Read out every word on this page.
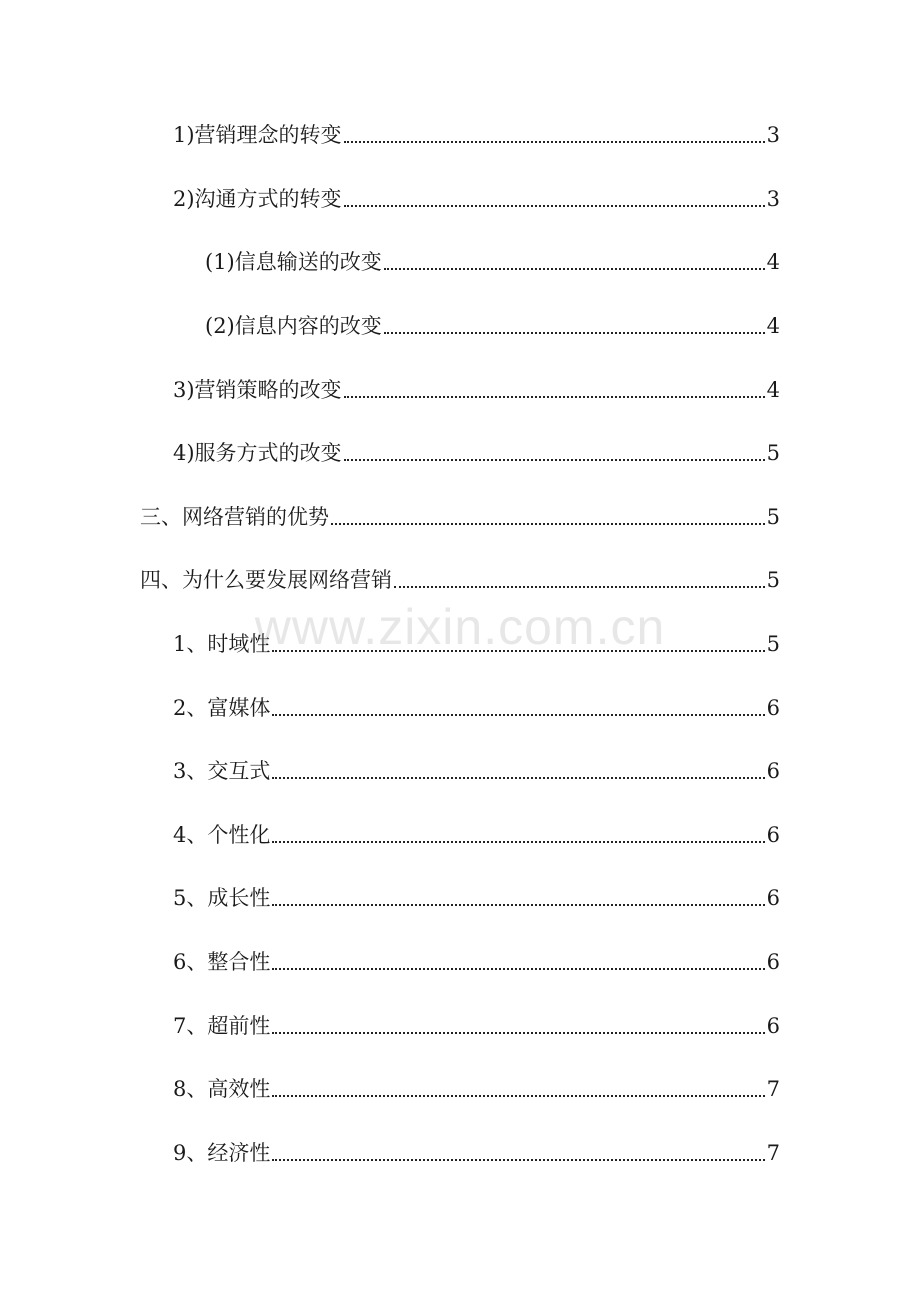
1)营销理念的转变	3
2)沟通方式的转变	3
(1)信息输送的改变	4
(2)信息内容的改变	4
3)营销策略的改变	4
4)服务方式的改变	5
三、网络营销的优势	5
四、为什么要发展网络营销	5
1、时域性	5
2、富媒体	6
3、交互式	6
4、个性化	6
5、成长性	6
6、整合性	6
7、超前性	6
8、高效性	7
9、经济性	7
www.zixin.com.cn
